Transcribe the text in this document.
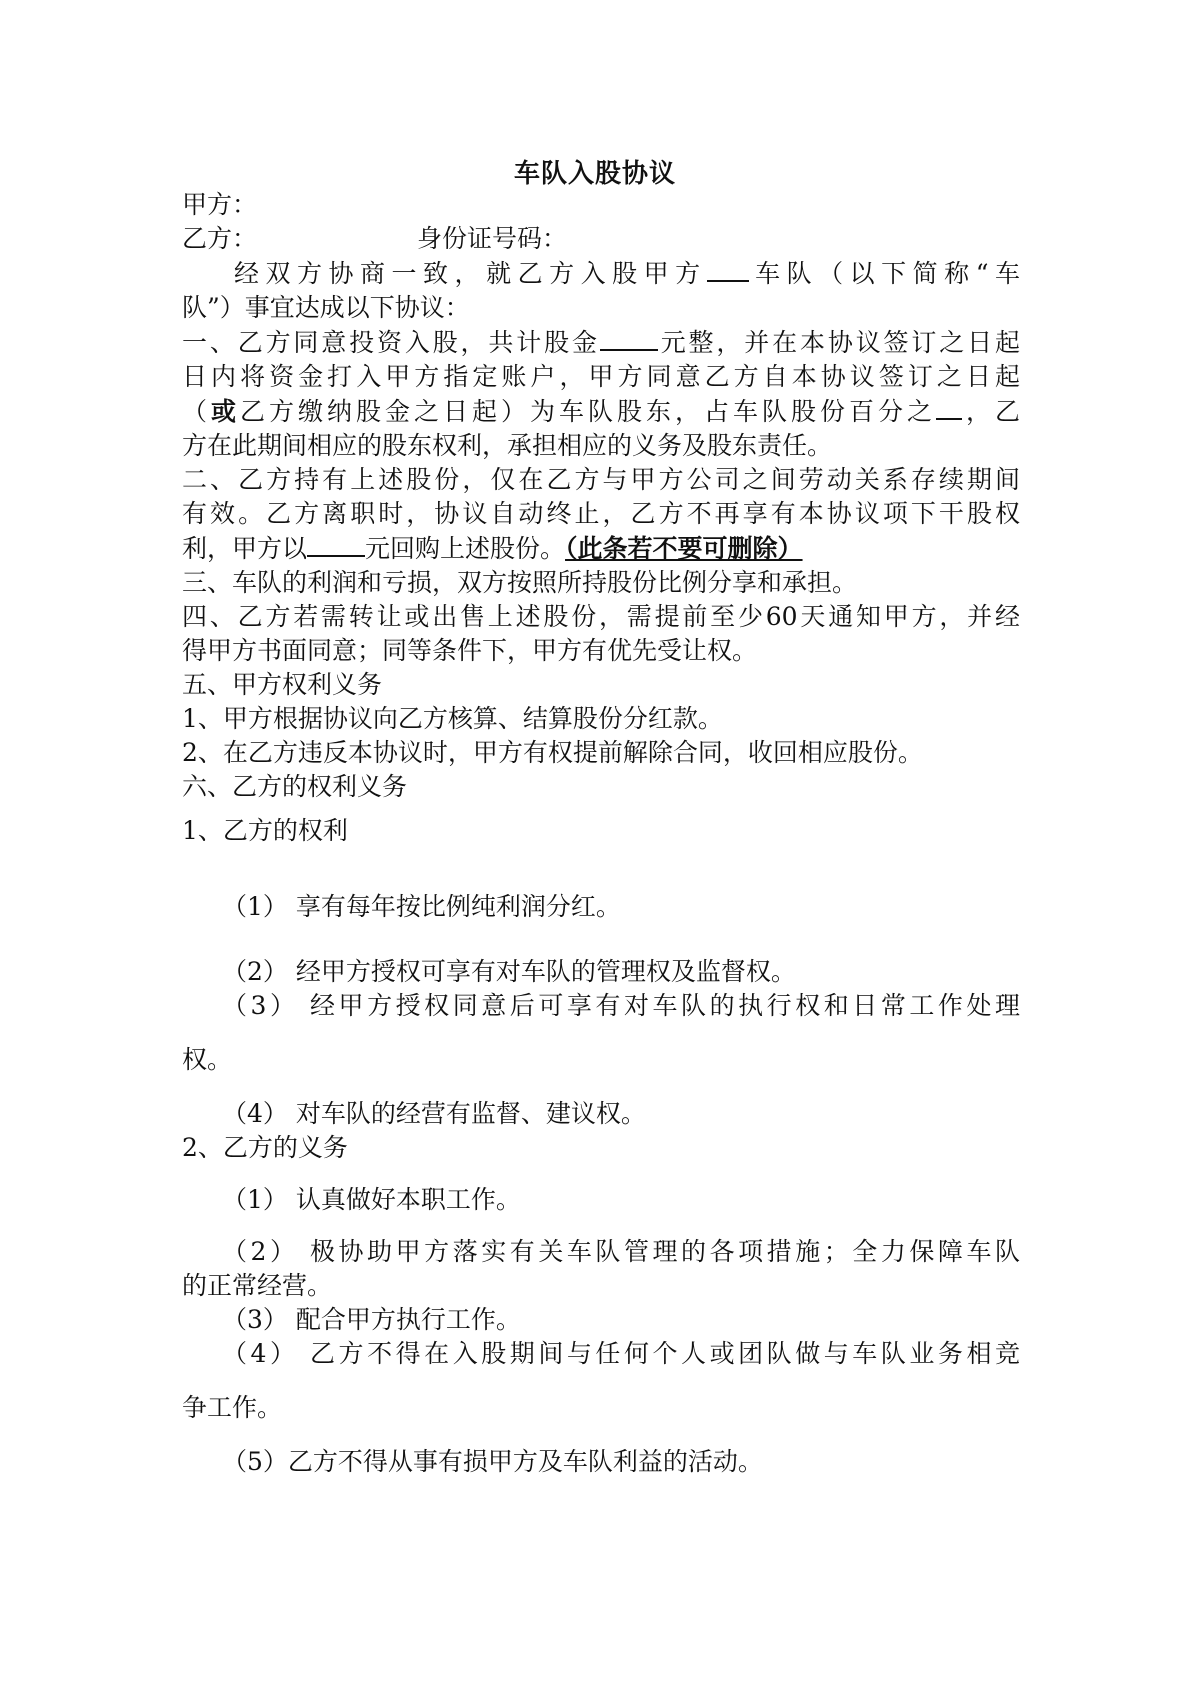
车队入股协议

甲方：

乙方：	身份证号码：

经双方协商一致，就乙方入股甲方 车队（以下简称“车

队”）事宜达成以下协议：

一、乙方同意投资入股，共计股金 元整，并在本协议签订之日起

日内将资金打入甲方指定账户，甲方同意乙方自本协议签订之日起

（或乙方缴纳股金之日起）为车队股东，占车队股份百分之 ，乙

方在此期间相应的股东权利，承担相应的义务及股东责任。

二、乙方持有上述股份，仅在乙方与甲方公司之间劳动关系存续期间

有效。乙方离职时，协议自动终止，乙方不再享有本协议项下干股权

利，甲方以 元回购上述股份。（此条若不要可删除）

三、车队的利润和亏损，双方按照所持股份比例分享和承担。

四、乙方若需转让或出售上述股份，需提前至少60天通知甲方，并经

得甲方书面同意；同等条件下，甲方有优先受让权。

五、甲方权利义务

1、甲方根据协议向乙方核算、结算股份分红款。

2、在乙方违反本协议时，甲方有权提前解除合同，收回相应股份。

六、乙方的权利义务

1、乙方的权利

（1） 享有每年按比例纯利润分红。

（2） 经甲方授权可享有对车队的管理权及监督权。

（3） 经甲方授权同意后可享有对车队的执行权和日常工作处理

权。

（4） 对车队的经营有监督、建议权。

2、乙方的义务

（1） 认真做好本职工作。

（2） 极协助甲方落实有关车队管理的各项措施；全力保障车队

的正常经营。

（3） 配合甲方执行工作。

（4） 乙方不得在入股期间与任何个人或团队做与车队业务相竞

争工作。

（5）乙方不得从事有损甲方及车队利益的活动。
